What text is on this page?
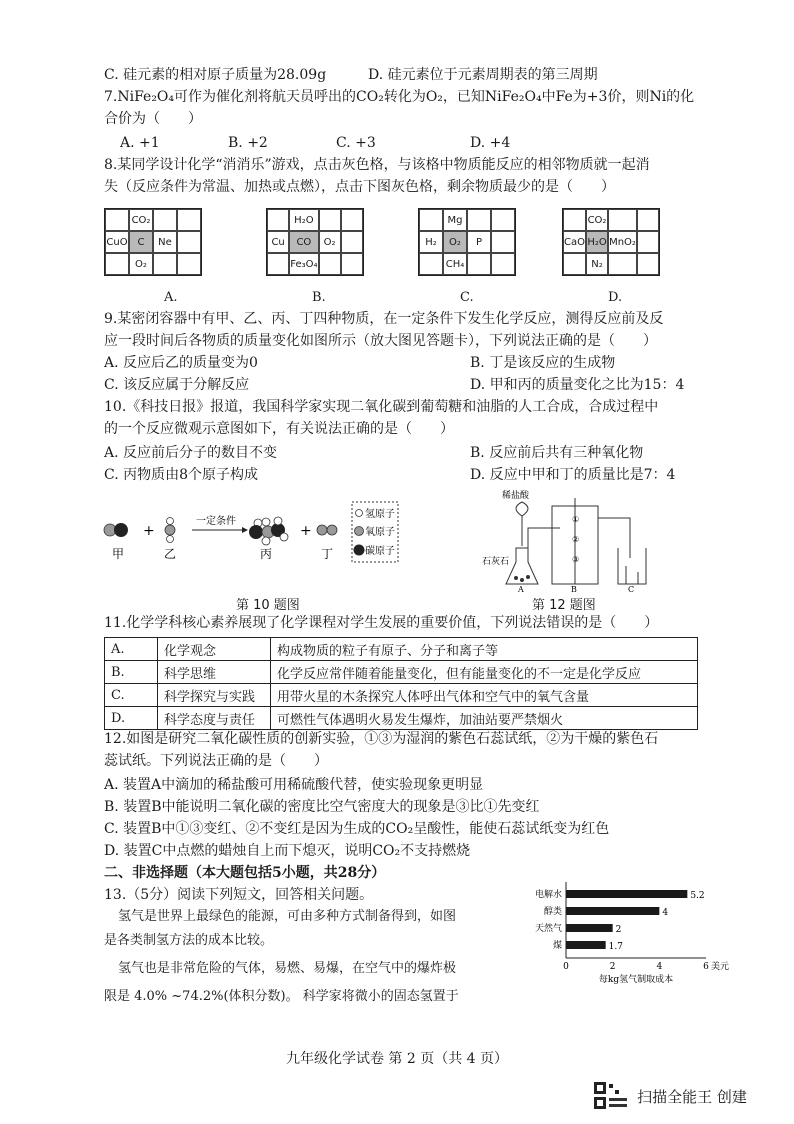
C. 硅元素的相对原子质量为28.09g	D. 硅元素位于元素周期表的第三周期
7.NiFe₂O₄可作为催化剂将航天员呼出的CO₂转化为O₂，已知NiFe₂O₄中Fe为+3价，则Ni的化
合价为（　　）
A. +1	B. +2	C. +3	D. +4
8.某同学设计化学“消消乐”游戏，点击灰色格，与该格中物质能反应的相邻物质就一起消
失（反应条件为常温、加热或点燃），点击下图灰色格，剩余物质最少的是（　　）
CO₂
CuO C	Ne
O₂
A.
H₂O
Cu	CO	O₂
Fe₃O₄
B.
Mg
H₂	O₂	P
CH₄
C.
CO₂
CaO H₂O MnO₂
N₂
D.
9.某密闭容器中有甲、乙、丙、丁四种物质，在一定条件下发生化学反应，测得反应前及反
应一段时间后各物质的质量变化如图所示（放大图见答题卡），下列说法正确的是（　　）
A. 反应后乙的质量变为0	B. 丁是该反应的生成物
C. 该反应属于分解反应	D. 甲和丙的质量变化之比为15：4
10.《科技日报》报道，我国科学家实现二氧化碳到葡萄糖和油脂的人工合成，合成过程中
的一个反应微观示意图如下，有关说法正确的是（　　）
A. 反应前后分子的数目不变	B. 反应前后共有三种氧化物
C. 丙物质由8个原子构成	D. 反应中甲和丁的质量比是7：4
+
一定条件
+
甲	乙	丙	丁
氢原子
氧原子
碳原子
稀盐酸
石灰石
①
②
③
A	B	C
第 10 题图	第 12 题图
11.化学学科核心素养展现了化学课程对学生发展的重要价值，下列说法错误的是（　　）
A.	化学观念	构成物质的粒子有原子、分子和离子等
B.	科学思维	化学反应常伴随着能量变化，但有能量变化的不一定是化学反应
C.	科学探究与实践	用带火星的木条探究人体呼出气体和空气中的氧气含量
D.	科学态度与责任	可燃性气体遇明火易发生爆炸，加油站要严禁烟火
12.如图是研究二氧化碳性质的创新实验，①③为湿润的紫色石蕊试纸，②为干燥的紫色石
蕊试纸。下列说法正确的是（　　）
A. 装置A中滴加的稀盐酸可用稀硫酸代替，使实验现象更明显
B. 装置B中能说明二氧化碳的密度比空气密度大的现象是③比①先变红
C. 装置B中①③变红、②不变红是因为生成的CO₂呈酸性，能使石蕊试纸变为红色
D. 装置C中点燃的蜡烛自上而下熄灭，说明CO₂不支持燃烧
二、非选择题（本大题包括5小题，共28分）
13.（5分）阅读下列短文，回答相关问题。
氢气是世界上最绿色的能源，可由多种方式制备得到，如图
是各类制氢方法的成本比较。
氢气也是非常危险的气体，易燃、易爆，在空气中的爆炸极
限是 4.0% ~74.2%(体积分数)。 科学家将微小的固态氢置于
电解水	5.2
醇类	4
天然气	2
煤	1.7
0	2	4	6 美元
每kg氢气制取成本
九年级化学试卷 第 2 页（共 4 页）
扫描全能王 创建
